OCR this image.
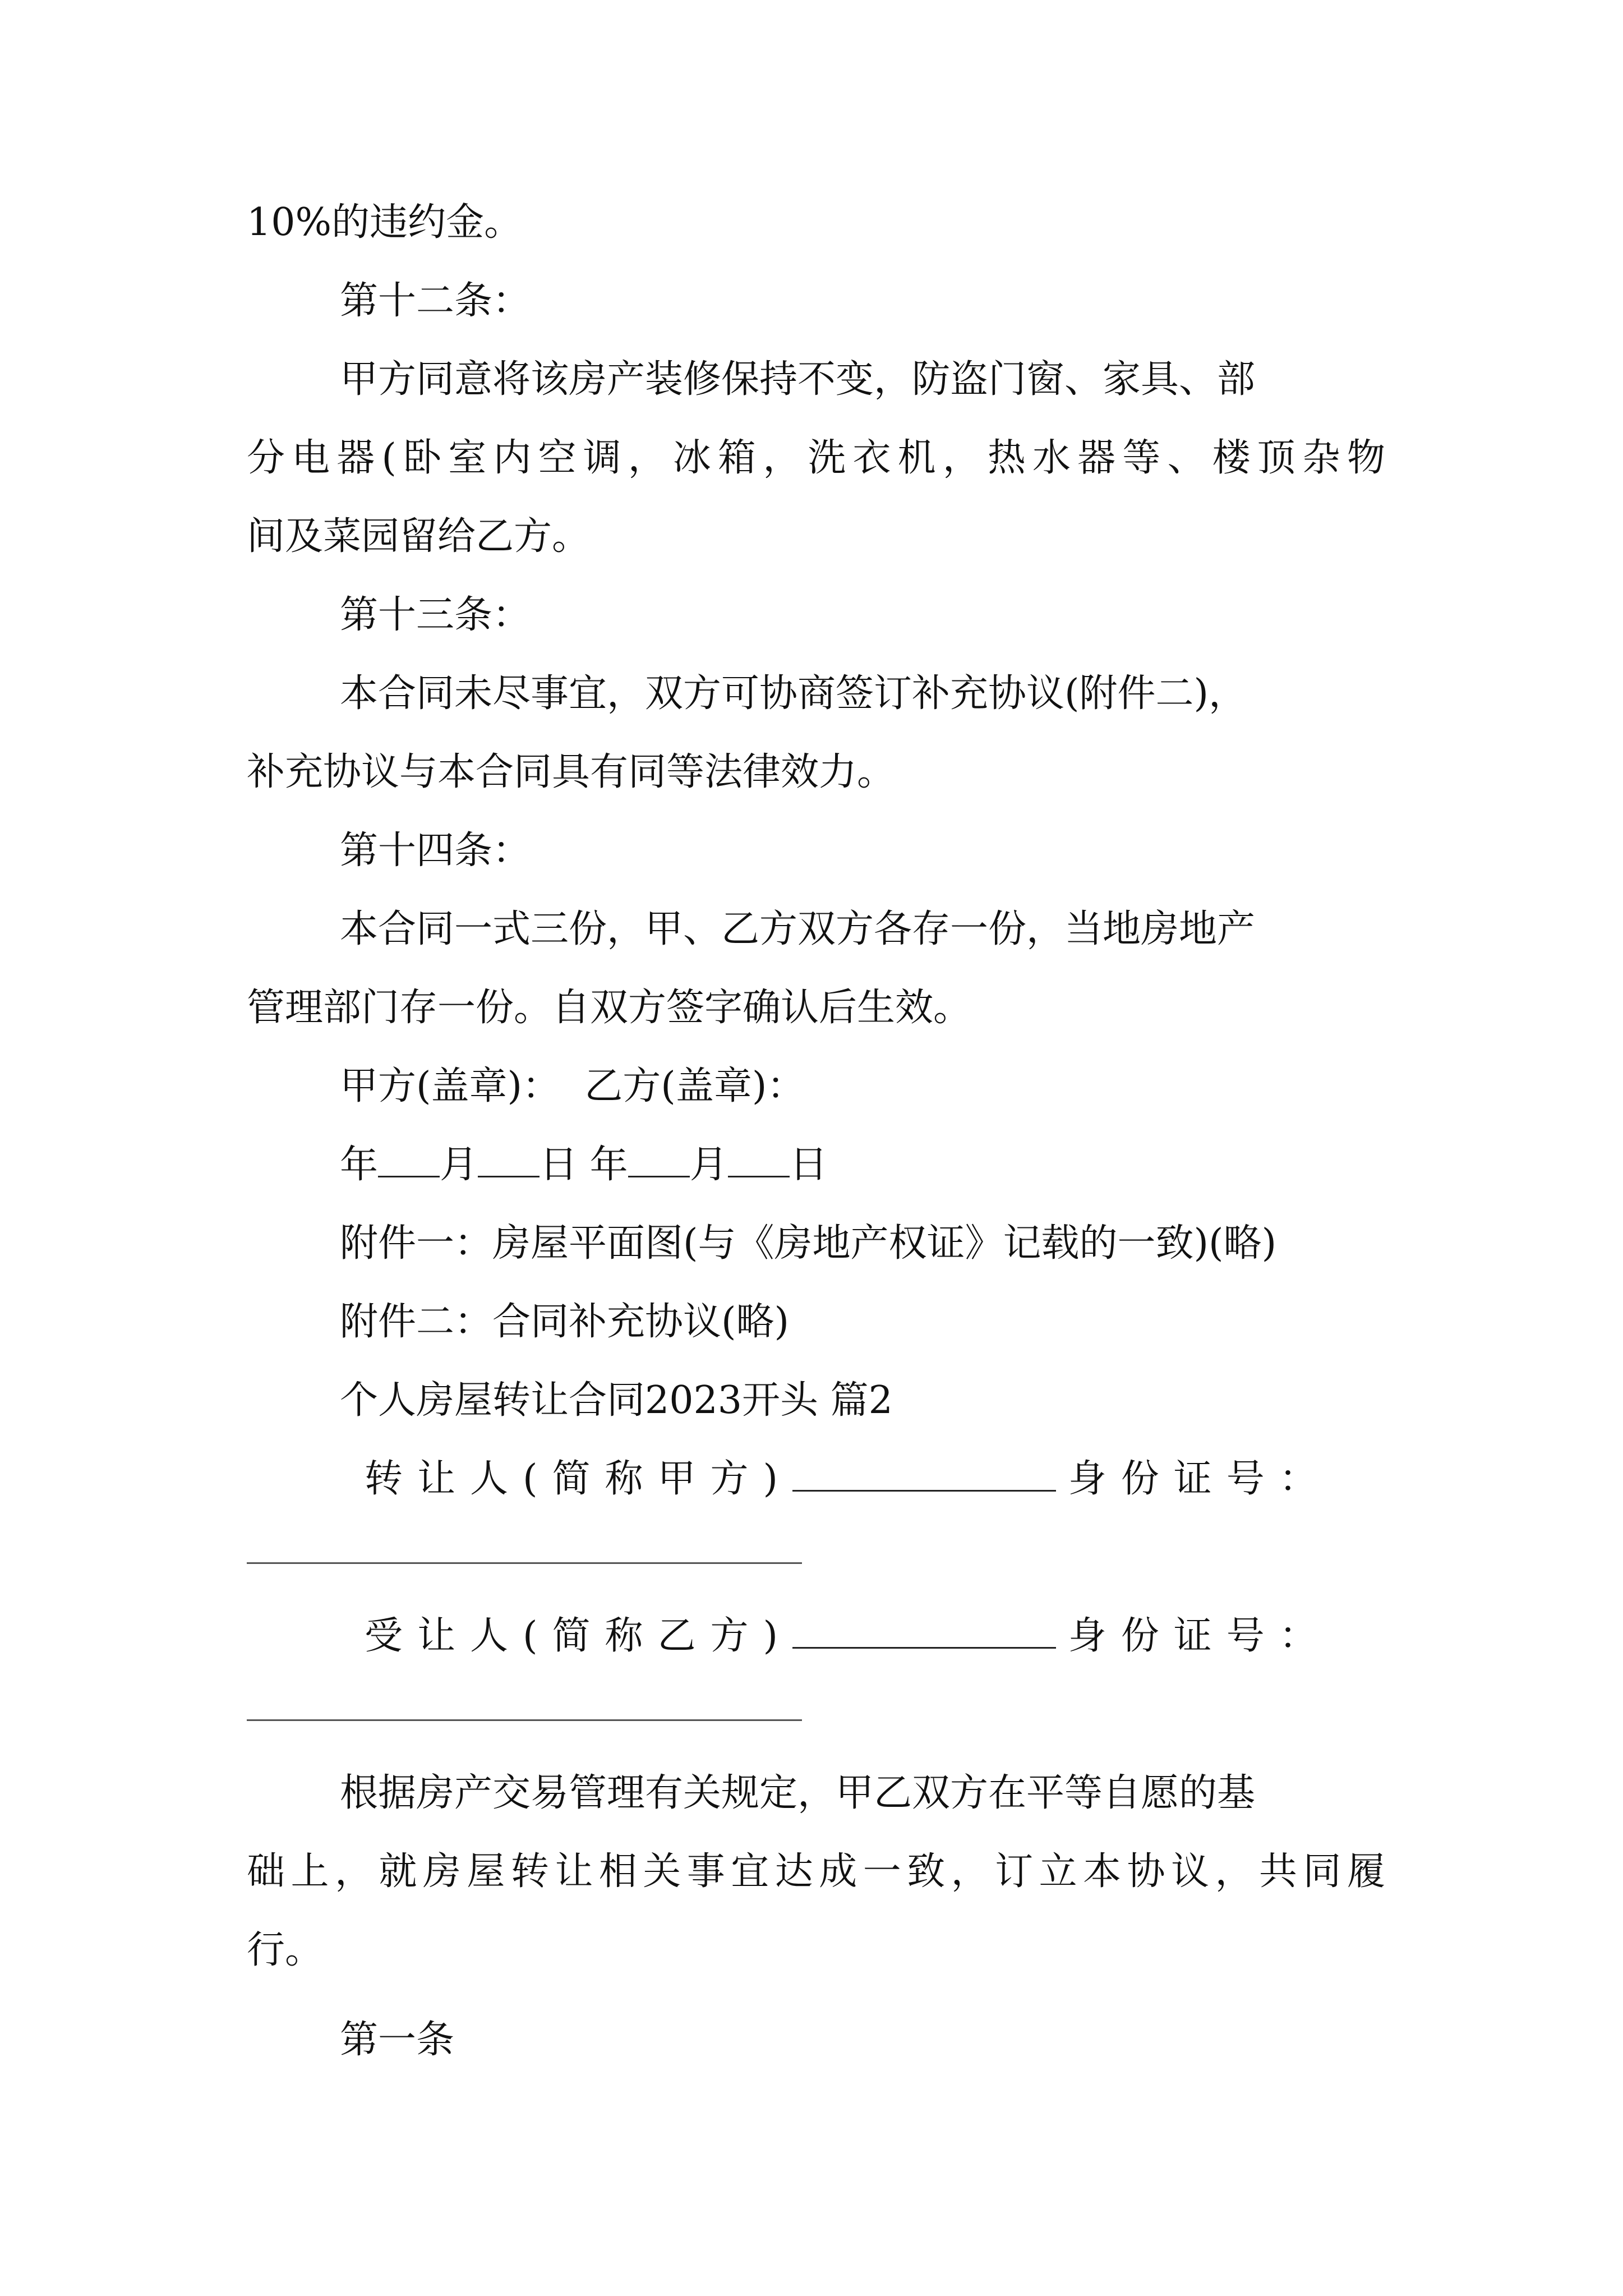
10%的违约金。
第十二条：
甲方同意将该房产装修保持不变，防盗门窗、家具、部
分电器(卧室内空调，冰箱，洗衣机，热水器等、楼顶杂物
间及菜园留给乙方。
第十三条：
本合同未尽事宜，双方可协商签订补充协议(附件二)，
补充协议与本合同具有同等法律效力。
第十四条：
本合同一式三份，甲、乙方双方各存一份，当地房地产
管理部门存一份。自双方签字确认后生效。
甲方(盖章)：  乙方(盖章)：
年 月 日 年 月 日
附件一：房屋平面图(与《房地产权证》记载的一致)(略)
附件二：合同补充协议(略)
个人房屋转让合同2023开头 篇2
转让人(简称甲方)	身份证号：
受让人(简称乙方)	身份证号：
根据房产交易管理有关规定，甲乙双方在平等自愿的基
础上，就房屋转让相关事宜达成一致，订立本协议，共同履
行。
第一条
